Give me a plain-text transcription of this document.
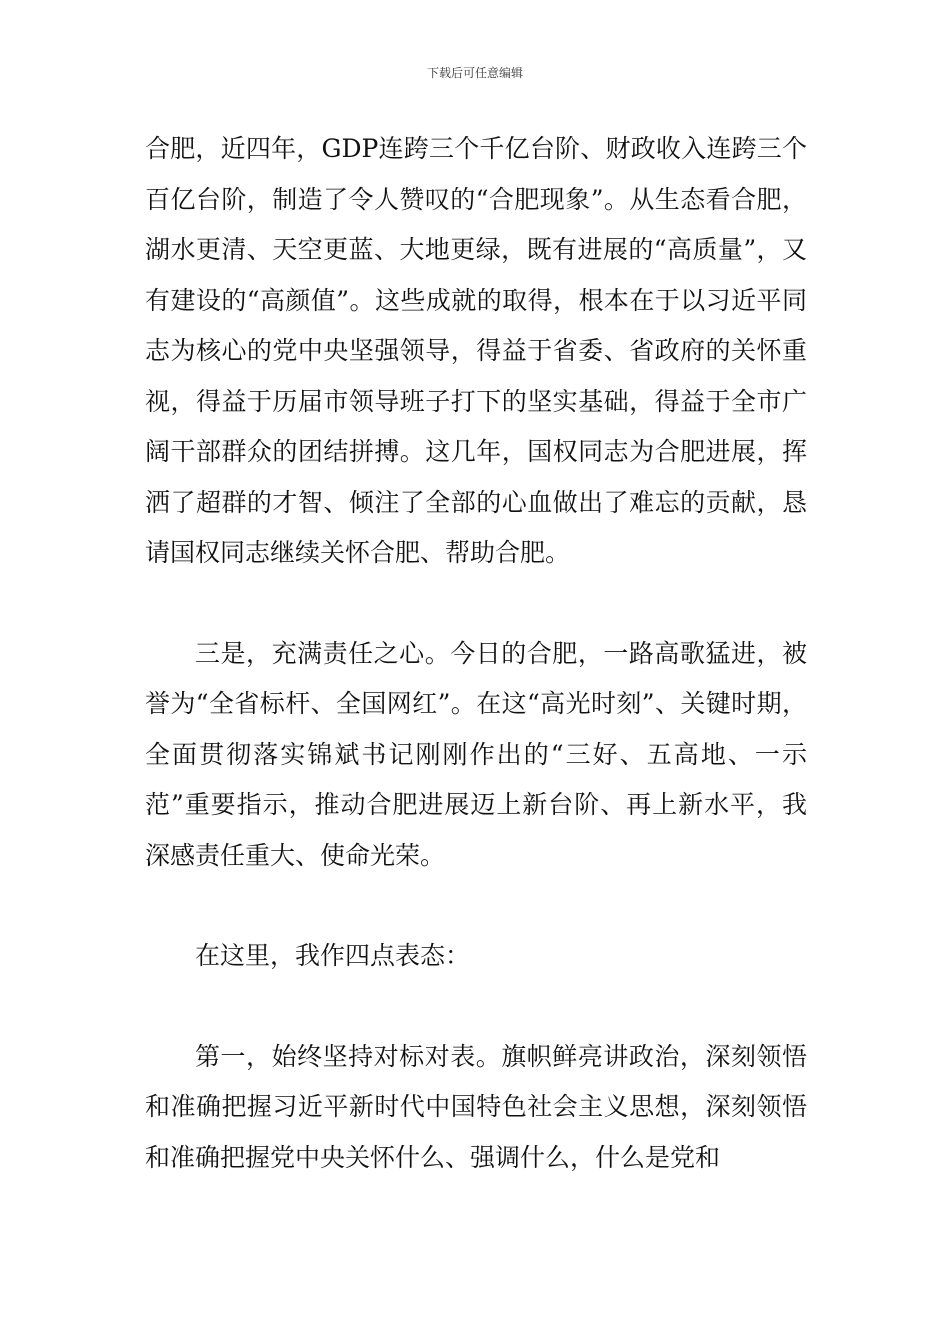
下载后可任意编辑

合肥，近四年，GDP连跨三个千亿台阶、财政收入连跨三个百亿台阶，制造了令人赞叹的“合肥现象”。从生态看合肥，湖水更清、天空更蓝、大地更绿，既有进展的“高质量”，又有建设的“高颜值”。这些成就的取得，根本在于以习近平同志为核心的党中央坚强领导，得益于省委、省政府的关怀重视，得益于历届市领导班子打下的坚实基础，得益于全市广阔干部群众的团结拼搏。这几年，国权同志为合肥进展，挥洒了超群的才智、倾注了全部的心血做出了难忘的贡献，恳请国权同志继续关怀合肥、帮助合肥。

三是，充满责任之心。今日的合肥，一路高歌猛进，被誉为“全省标杆、全国网红”。在这“高光时刻”、关键时期，全面贯彻落实锦斌书记刚刚作出的“三好、五高地、一示范”重要指示，推动合肥进展迈上新台阶、再上新水平，我深感责任重大、使命光荣。

在这里，我作四点表态：

第一，始终坚持对标对表。旗帜鲜亮讲政治，深刻领悟和准确把握习近平新时代中国特色社会主义思想，深刻领悟和准确把握党中央关怀什么、强调什么，什么是党和
